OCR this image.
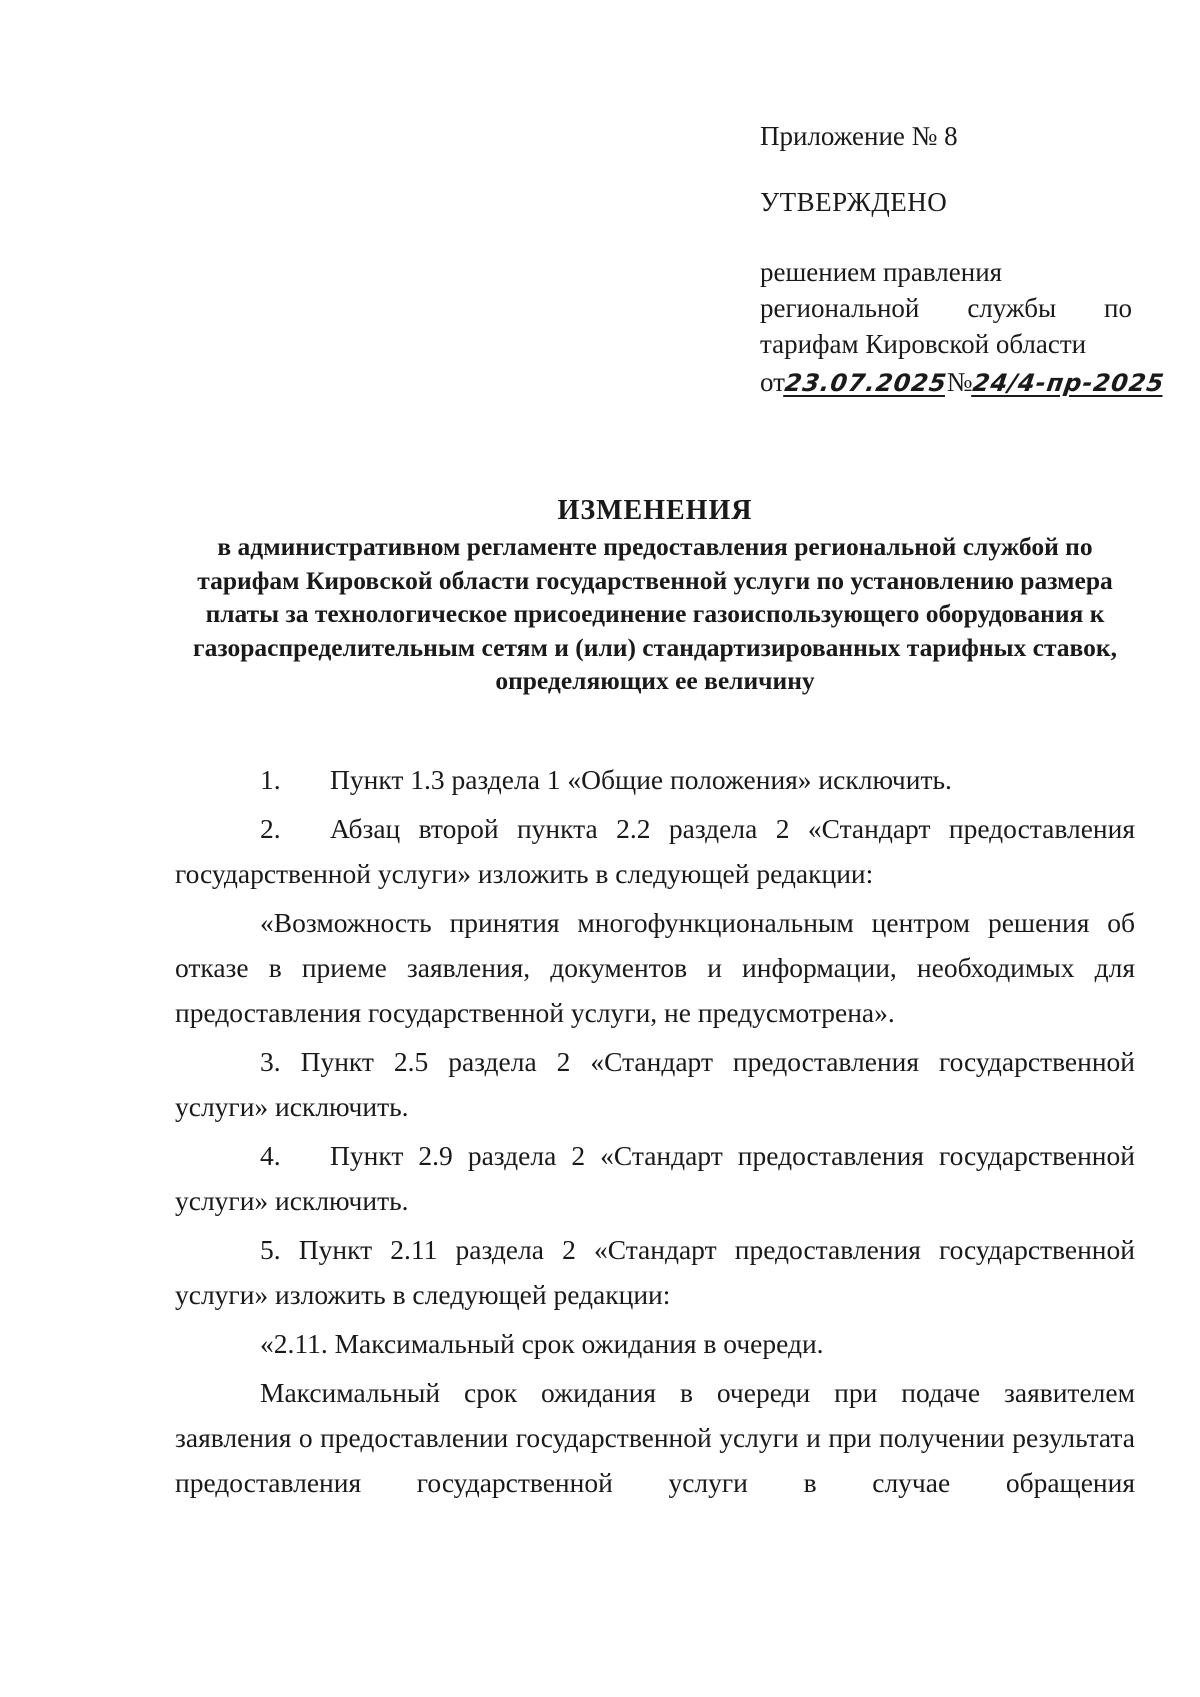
Приложение № 8

УТВЕРЖДЕНО

решением правления

региональной службы по

тарифам Кировской области

от23.07.2025№24/4-пр-2025

ИЗМЕНЕНИЯ

в административном регламенте предоставления региональной службой по тарифам Кировской области государственной услуги по установлению размера платы за технологическое присоединение газоиспользующего оборудования к газораспределительным сетям и (или) стандартизированных тарифных ставок, определяющих ее величину

1. Пункт 1.3 раздела 1 «Общие положения» исключить.

2. Абзац второй пункта 2.2 раздела 2 «Стандарт предоставления государственной услуги» изложить в следующей редакции:

«Возможность принятия многофункциональным центром решения об отказе в приеме заявления, документов и информации, необходимых для предоставления государственной услуги, не предусмотрена».

3. Пункт 2.5 раздела 2 «Стандарт предоставления государственной услуги» исключить.

4. Пункт 2.9 раздела 2 «Стандарт предоставления государственной услуги» исключить.

5. Пункт 2.11 раздела 2 «Стандарт предоставления государственной услуги» изложить в следующей редакции:

«2.11. Максимальный срок ожидания в очереди.

Максимальный срок ожидания в очереди при подаче заявителем заявления о предоставлении государственной услуги и при получении результата предоставления государственной услуги в случае обращения
